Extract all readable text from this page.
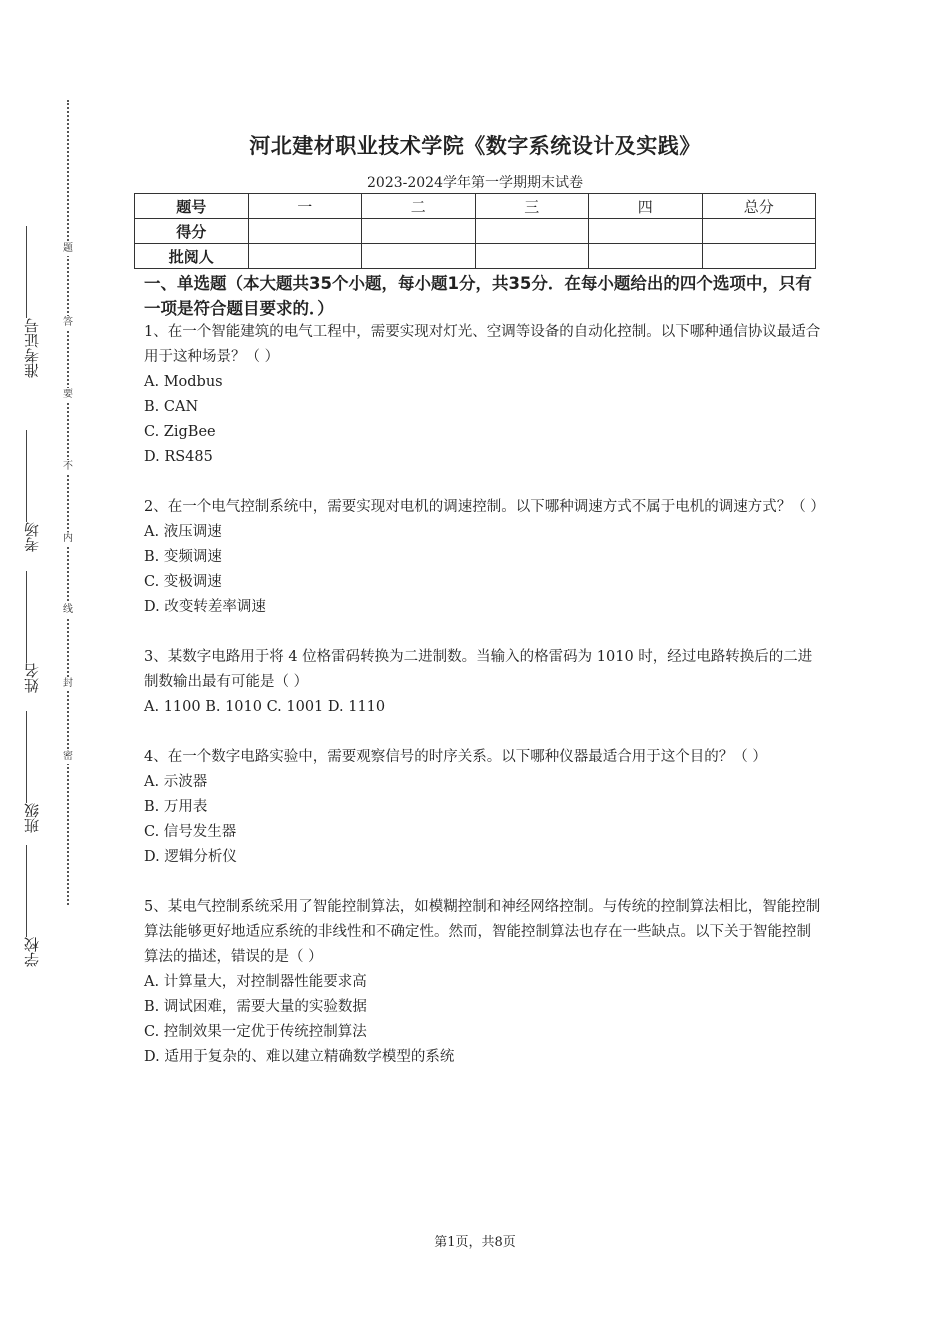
题
答
要
不
内
线
封
密
准考证号
考场
姓名
班级
学校
河北建材职业技术学院《数字系统设计及实践》
2023-2024学年第一学期期末试卷
题号	一	二	三	四	总分
得分					
批阅人					
一、单选题（本大题共35个小题，每小题1分，共35分．在每小题给出的四个选项中，只有一项是符合题目要求的．）

1、在一个智能建筑的电气工程中，需要实现对灯光、空调等设备的自动化控制。以下哪种通信协议最适合用于这种场景？（ ）

A. Modbus

B. CAN

C. ZigBee

D. RS485

2、在一个电气控制系统中，需要实现对电机的调速控制。以下哪种调速方式不属于电机的调速方式？（ ）

A. 液压调速

B. 变频调速

C. 变极调速

D. 改变转差率调速

3、某数字电路用于将 4 位格雷码转换为二进制数。当输入的格雷码为 1010 时，经过电路转换后的二进制数输出最有可能是（ ）

A. 1100 B. 1010 C. 1001 D. 1110

4、在一个数字电路实验中，需要观察信号的时序关系。以下哪种仪器最适合用于这个目的？（ ）

A. 示波器

B. 万用表

C. 信号发生器

D. 逻辑分析仪

5、某电气控制系统采用了智能控制算法，如模糊控制和神经网络控制。与传统的控制算法相比，智能控制算法能够更好地适应系统的非线性和不确定性。然而，智能控制算法也存在一些缺点。以下关于智能控制算法的描述，错误的是（ ）

A. 计算量大，对控制器性能要求高

B. 调试困难，需要大量的实验数据

C. 控制效果一定优于传统控制算法

D. 适用于复杂的、难以建立精确数学模型的系统

第1页，共8页
